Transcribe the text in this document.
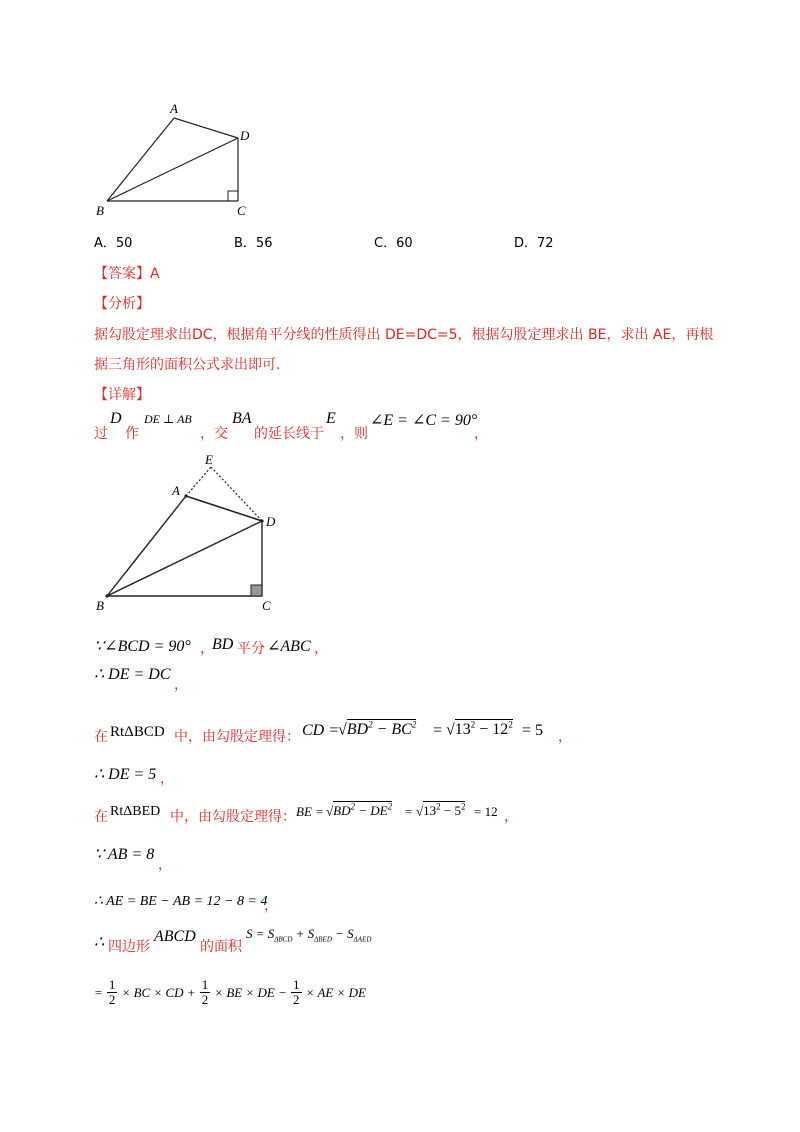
A
D
B	C
A．50	B．56	C．60	D．72
【答案】A
【分析】
据勾股定理求出DC，根据角平分线的性质得出 DE=DC=5，根据勾股定理求出 BE，求出 AE，再根
据三角形的面积公式求出即可.
【详解】
过
D
作
DE ⊥ AB
，交
BA
的延长线于
E
，则
∠E = ∠C = 90°
，
E
A
D
B	C
∵∠BCD = 90° ，
BD 平分 ∠ABC ，
∴ DE = DC
，
在 RtΔBCD 中，由勾股定理得： CD =
$√BD^2 - BC^2 = √13^2 - 12^2 = 5$ ，
∴ DE = 5 ，
在 RtΔBED 中，由勾股定理得： BE = $√BD^2 - DE^2 = √13^2 - 5^2 = 12$ ，
∵ AB = 8
，
∴ AE = BE − AB = 12 − 8 = 4
，
∴ 四边形
ABCD
的面积
$S = S_{\Delta BCD} + S_{\Delta BED} - S_{\Delta AED}$
= $\frac{1}{2}$ × BC × CD + $\frac{1}{2}$ × BE × DE − $\frac{1}{2}$ × AE × DE
